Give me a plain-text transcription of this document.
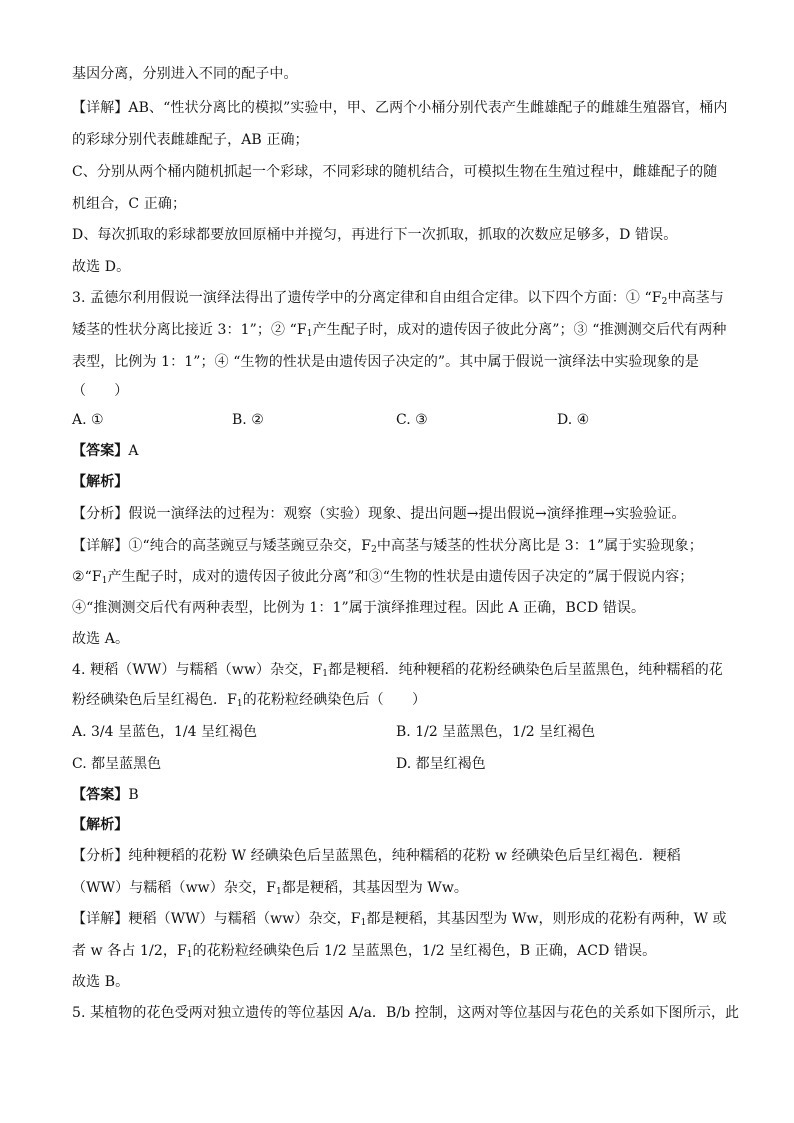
基因分离，分别进入不同的配子中。
【详解】AB、“性状分离比的模拟”实验中，甲、乙两个小桶分别代表产生雌雄配子的雌雄生殖器官，桶内
的彩球分别代表雌雄配子，AB 正确；
C、分别从两个桶内随机抓起一个彩球，不同彩球的随机结合，可模拟生物在生殖过程中，雌雄配子的随
机组合，C 正确；
D、每次抓取的彩球都要放回原桶中并搅匀，再进行下一次抓取，抓取的次数应足够多，D 错误。
故选 D。
3. 孟德尔利用假说一演绎法得出了遗传学中的分离定律和自由组合定律。以下四个方面：① “$F_2$中高茎与
矮茎的性状分离比接近 3：1”；② “$F_1$产生配子时，成对的遗传因子彼此分离”；③ “推测测交后代有两种
表型，比例为 1：1”；④ “生物的性状是由遗传因子决定的”。其中属于假说一演绎法中实验现象的是
（　　）
A. ①	B. ②	C. ③	D. ④
【答案】A
【解析】
【分析】假说一演绎法的过程为：观察（实验）现象、提出问题→提出假说→演绎推理→实验验证。
【详解】①“纯合的高茎豌豆与矮茎豌豆杂交，$F_2$中高茎与矮茎的性状分离比是 3：1”属于实验现象；
$②“F_1$产生配子时，成对的遗传因子彼此分离”和③“生物的性状是由遗传因子决定的”属于假说内容；
④“推测测交后代有两种表型，比例为 1：1”属于演绎推理过程。因此 A 正确，BCD 错误。
故选 A。
4. 粳稻（WW）与糯稻（ww）杂交，$F_1$都是粳稻．纯种粳稻的花粉经碘染色后呈蓝黑色，纯种糯稻的花
粉经碘染色后呈红褐色．$F_1$的花粉粒经碘染色后（　　）
A. 3/4 呈蓝色，1/4 呈红褐色	B. 1/2 呈蓝黑色，1/2 呈红褐色
C. 都呈蓝黑色	D. 都呈红褐色
【答案】B
【解析】
【分析】纯种粳稻的花粉 W 经碘染色后呈蓝黑色，纯种糯稻的花粉 w 经碘染色后呈红褐色．粳稻
（WW）与糯稻（ww）杂交，$F_1$都是粳稻，其基因型为 Ww。
【详解】粳稻（WW）与糯稻（ww）杂交，$F_1$都是粳稻，其基因型为 Ww，则形成的花粉有两种，W 或
者 w 各占 1/2，$F_1$的花粉粒经碘染色后 1/2 呈蓝黑色，1/2 呈红褐色，B 正确，ACD 错误。
故选 B。
5. 某植物的花色受两对独立遗传的等位基因 A/a．B/b 控制，这两对等位基因与花色的关系如下图所示，此
